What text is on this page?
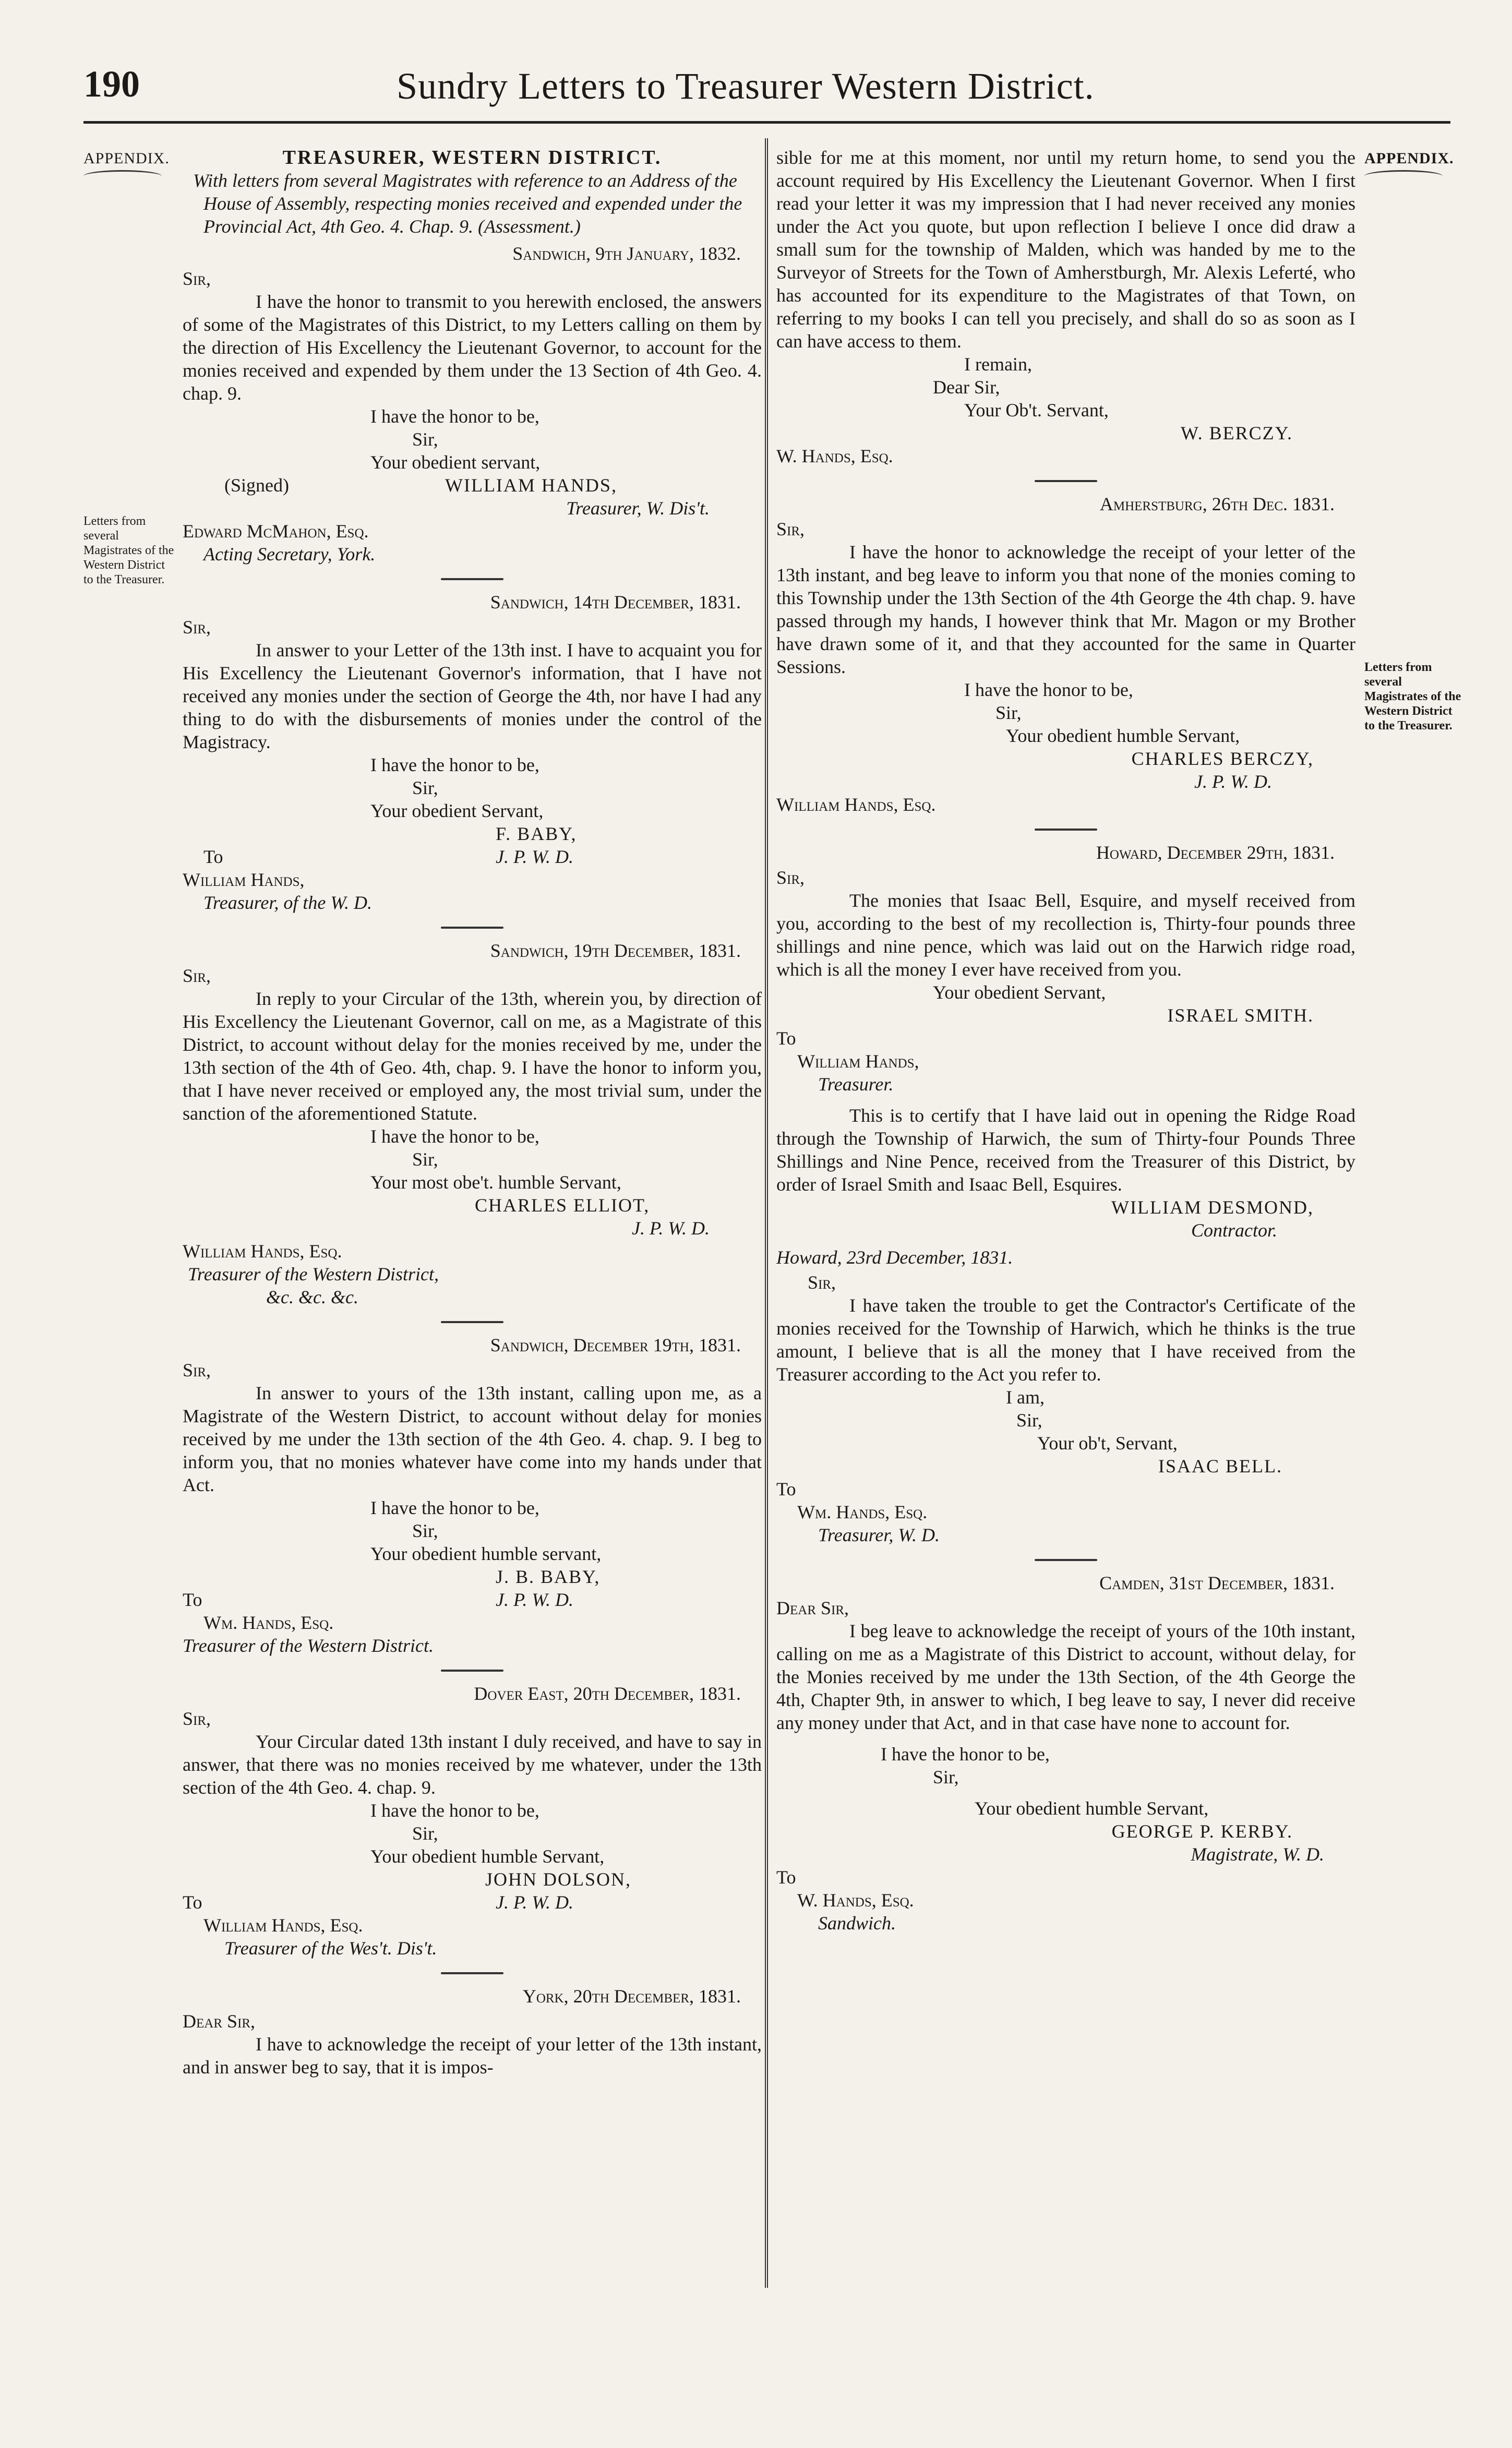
190	Sundry Letters to Treasurer Western District.
APPENDIX.
Letters from several Magistrates of the Western District to the Treasurer.
APPENDIX.
Letters from several Magistrates of the Western District to the Treasurer.
TREASURER, WESTERN DISTRICT.
With letters from several Magistrates with reference to an Address of the House of Assembly, respecting monies received and expended under the Provincial Act, 4th Geo. 4. Chap. 9. (Assessment.)
Sandwich, 9th January, 1832.
Sir,

I have the honor to transmit to you herewith enclosed, the answers of some of the Magistrates of this District, to my Letters calling on them by the direction of His Excellency the Lieutenant Governor, to account for the monies received and expended by them under the 13 Section of 4th Geo. 4. chap. 9.

I have the honor to be,

Sir,

Your obedient servant,

(Signed)	WILLIAM HANDS,

Treasurer, W. Dis't.

Edward McMahon, Esq.

Acting Secretary, York.

Sandwich, 14th December, 1831.
Sir,

In answer to your Letter of the 13th inst. I have to acquaint you for His Excellency the Lieutenant Governor's information, that I have not received any monies under the section of George the 4th, nor have I had any thing to do with the disbursements of monies under the control of the Magistracy.

I have the honor to be,

Sir,

Your obedient Servant,

F. BABY,

To	J. P. W. D.

William Hands,

Treasurer, of the W. D.

Sandwich, 19th December, 1831.
Sir,

In reply to your Circular of the 13th, wherein you, by direction of His Excellency the Lieutenant Governor, call on me, as a Magistrate of this District, to account without delay for the monies received by me, under the 13th section of the 4th of Geo. 4th, chap. 9. I have the honor to inform you, that I have never received or employed any, the most trivial sum, under the sanction of the aforementioned Statute.

I have the honor to be,

Sir,

Your most obe't. humble Servant,

CHARLES ELLIOT,

J. P. W. D.

William Hands, Esq.

Treasurer of the Western District,

&c. &c. &c.

Sandwich, December 19th, 1831.
Sir,

In answer to yours of the 13th instant, calling upon me, as a Magistrate of the Western District, to account without delay for monies received by me under the 13th section of the 4th Geo. 4. chap. 9. I beg to inform you, that no monies whatever have come into my hands under that Act.

I have the honor to be,

Sir,

Your obedient humble servant,

J. B. BABY,

To	J. P. W. D.

Wm. Hands, Esq.

Treasurer of the Western District.

Dover East, 20th December, 1831.
Sir,

Your Circular dated 13th instant I duly received, and have to say in answer, that there was no monies received by me whatever, under the 13th section of the 4th Geo. 4. chap. 9.

I have the honor to be,

Sir,

Your obedient humble Servant,

JOHN DOLSON,

To	J. P. W. D.

William Hands, Esq.

Treasurer of the Wes't. Dis't.

York, 20th December, 1831.
Dear Sir,

I have to acknowledge the receipt of your letter of the 13th instant, and in answer beg to say, that it is impos-

sible for me at this moment, nor until my return home, to send you the account required by His Excellency the Lieutenant Governor. When I first read your letter it was my impression that I had never received any monies under the Act you quote, but upon reflection I believe I once did draw a small sum for the township of Malden, which was handed by me to the Surveyor of Streets for the Town of Amherstburgh, Mr. Alexis Leferté, who has accounted for its expenditure to the Magistrates of that Town, on referring to my books I can tell you precisely, and shall do so as soon as I can have access to them.

I remain,

Dear Sir,

Your Ob't. Servant,

W. BERCZY.

W. Hands, Esq.

Amherstburg, 26th Dec. 1831.
Sir,

I have the honor to acknowledge the receipt of your letter of the 13th instant, and beg leave to inform you that none of the monies coming to this Township under the 13th Section of the 4th George the 4th chap. 9. have passed through my hands, I however think that Mr. Magon or my Brother have drawn some of it, and that they accounted for the same in Quarter Sessions.

I have the honor to be,

Sir,

Your obedient humble Servant,

CHARLES BERCZY,

J. P. W. D.

William Hands, Esq.

Howard, December 29th, 1831.
Sir,

The monies that Isaac Bell, Esquire, and myself received from you, according to the best of my recollection is, Thirty-four pounds three shillings and nine pence, which was laid out on the Harwich ridge road, which is all the money I ever have received from you.

Your obedient Servant,

ISRAEL SMITH.

To

William Hands,

Treasurer.

This is to certify that I have laid out in opening the Ridge Road through the Township of Harwich, the sum of Thirty-four Pounds Three Shillings and Nine Pence, received from the Treasurer of this District, by order of Israel Smith and Isaac Bell, Esquires.

WILLIAM DESMOND,

Contractor.

Howard, 23rd December, 1831.
Sir,

I have taken the trouble to get the Contractor's Certificate of the monies received for the Township of Harwich, which he thinks is the true amount, I believe that is all the money that I have received from the Treasurer according to the Act you refer to.

I am,

Sir,

Your ob't, Servant,

ISAAC BELL.

To

Wm. Hands, Esq.

Treasurer, W. D.

Camden, 31st December, 1831.
Dear Sir,

I beg leave to acknowledge the receipt of yours of the 10th instant, calling on me as a Magistrate of this District to account, without delay, for the Monies received by me under the 13th Section, of the 4th George the 4th, Chapter 9th, in answer to which, I beg leave to say, I never did receive any money under that Act, and in that case have none to account for.

I have the honor to be,

Sir,

Your obedient humble Servant,

GEORGE P. KERBY.

Magistrate, W. D.

To

W. Hands, Esq.

Sandwich.
